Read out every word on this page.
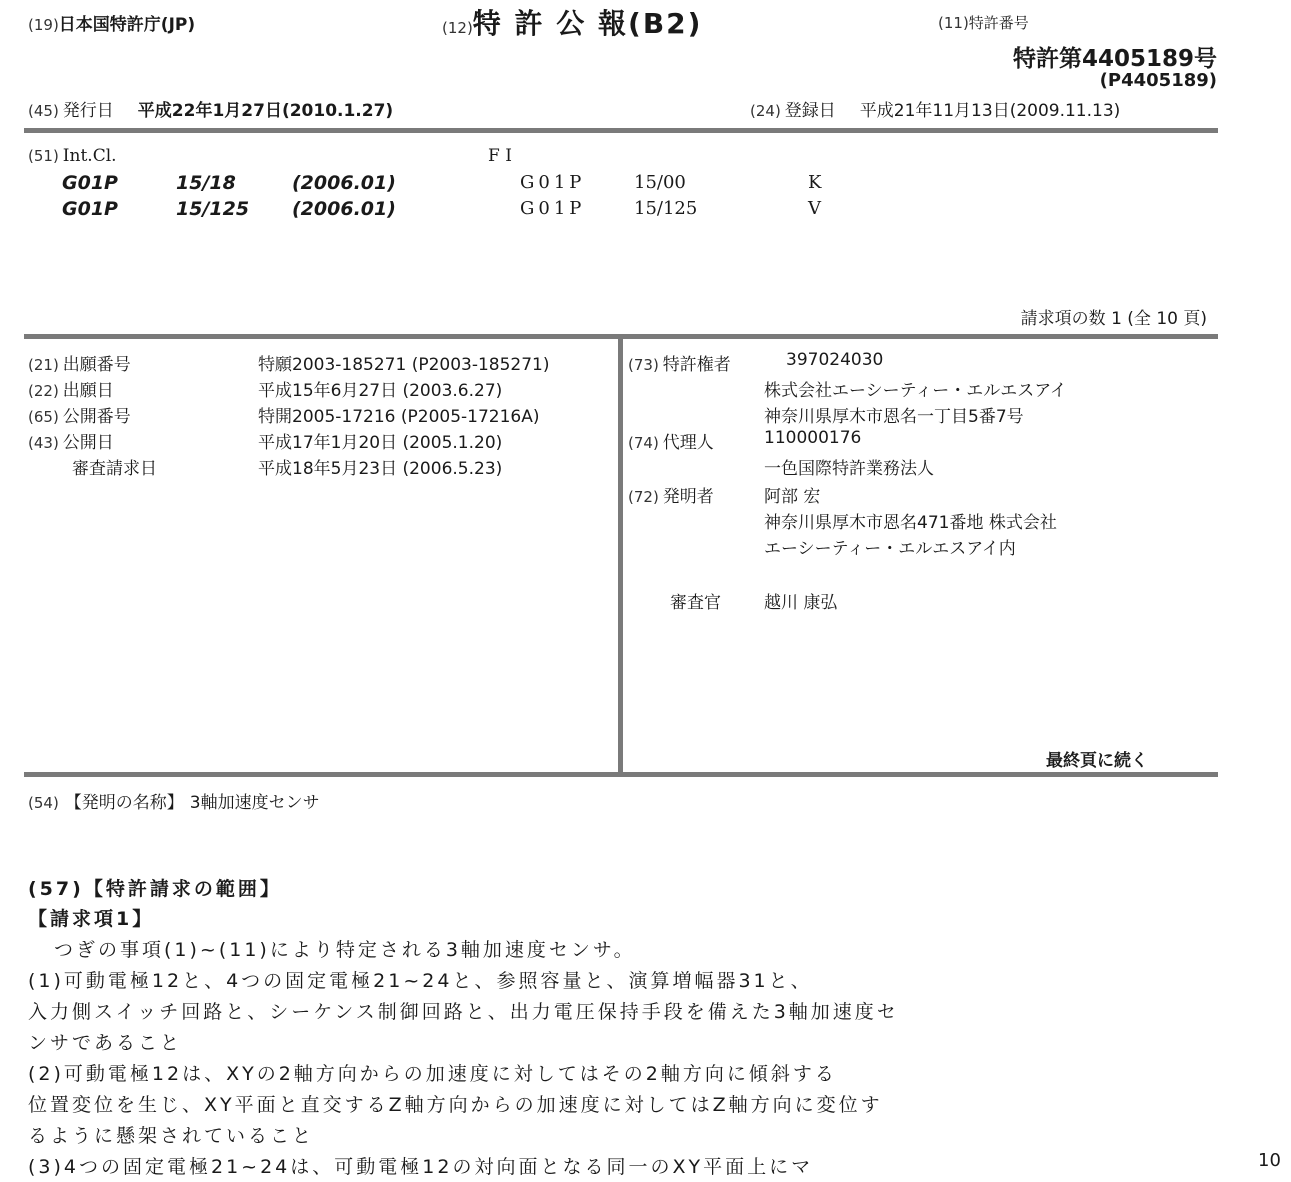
(19)日本国特許庁(JP)	(12)特 許 公 報(B2)	(11)特許番号
特許第4405189号
(P4405189)
(45) 発行日 平成22年1月27日(2010.1.27)	(24) 登録日 平成21年11月13日(2009.11.13)
(51) Int.Cl.	F I
G01P	15/18	(2006.01)	G01P	15/00	K
G01P	15/125 (2006.01)	G01P	15/125	V
請求項の数 1 (全 10 頁)
(21) 出願番号	特願2003-185271 (P2003-185271)
(22) 出願日	平成15年6月27日 (2003.6.27)
(65) 公開番号	特開2005-17216 (P2005-17216A)
(43) 公開日	平成17年1月20日 (2005.1.20)
審査請求日	平成18年5月23日 (2006.5.23)
(73) 特許権者	397024030
株式会社エーシーティー・エルエスアイ
神奈川県厚木市恩名一丁目5番7号
(74) 代理人	110000176
一色国際特許業務法人
(72) 発明者	阿部 宏
神奈川県厚木市恩名471番地 株式会社
エーシーティー・エルエスアイ内
審査官	越川 康弘
最終頁に続く
(54) 【発明の名称】 3軸加速度センサ
(57)【特許請求の範囲】
【請求項1】
つぎの事項(1)~(11)により特定される3軸加速度センサ。
(1)可動電極12と、4つの固定電極21~24と、参照容量と、演算増幅器31と、
入力側スイッチ回路と、シーケンス制御回路と、出力電圧保持手段を備えた3軸加速度セ
ンサであること
(2)可動電極12は、XYの2軸方向からの加速度に対してはその2軸方向に傾斜する
位置変位を生じ、XY平面と直交するZ軸方向からの加速度に対してはZ軸方向に変位す
るように懸架されていること
(3)4つの固定電極21~24は、可動電極12の対向面となる同一のXY平面上にマ	10
